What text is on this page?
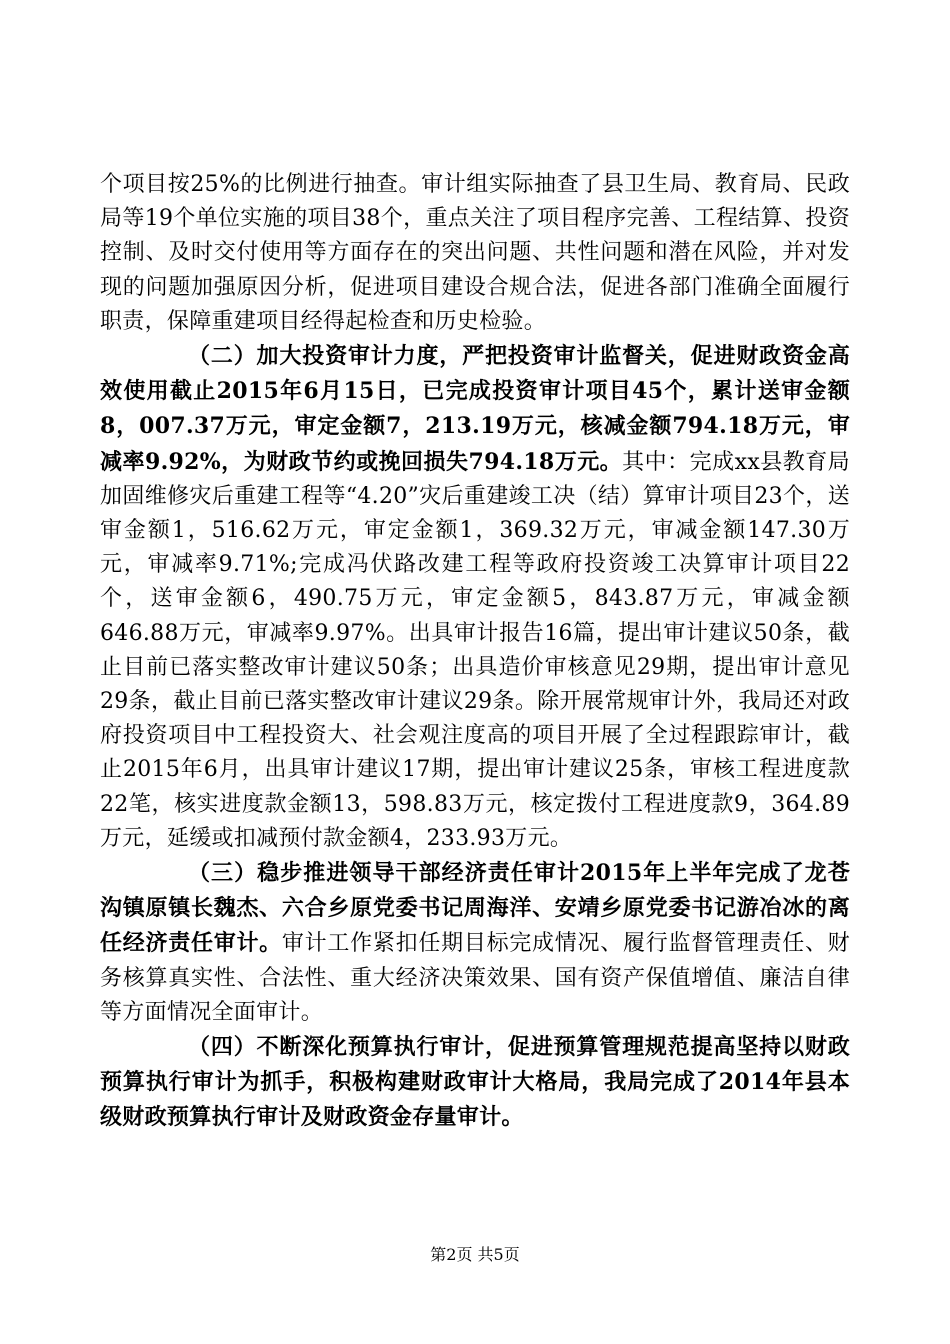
个项目按25%的比例进行抽查。审计组实际抽查了县卫生局、教育局、民政局等19个单位实施的项目38个，重点关注了项目程序完善、工程结算、投资控制、及时交付使用等方面存在的突出问题、共性问题和潜在风险，并对发现的问题加强原因分析，促进项目建设合规合法，促进各部门准确全面履行职责，保障重建项目经得起检查和历史检验。

（二）加大投资审计力度，严把投资审计监督关，促进财政资金高效使用截止2015年6月15日，已完成投资审计项目45个，累计送审金额8，007.37万元，审定金额7，213.19万元，核减金额794.18万元，审减率9.92%，为财政节约或挽回损失794.18万元。其中：完成xx县教育局加固维修灾后重建工程等“4.20”灾后重建竣工决（结）算审计项目23个，送审金额1，516.62万元，审定金额1，369.32万元，审减金额147.30万元，审减率9.71%;完成冯伏路改建工程等政府投资竣工决算审计项目22个，送审金额6，490.75万元，审定金额5，843.87万元，审减金额646.88万元，审减率9.97%。出具审计报告16篇，提出审计建议50条，截止目前已落实整改审计建议50条；出具造价审核意见29期，提出审计意见29条，截止目前已落实整改审计建议29条。除开展常规审计外，我局还对政府投资项目中工程投资大、社会观注度高的项目开展了全过程跟踪审计，截止2015年6月，出具审计建议17期，提出审计建议25条，审核工程进度款22笔，核实进度款金额13，598.83万元，核定拨付工程进度款9，364.89万元，延缓或扣减预付款金额4，233.93万元。

（三）稳步推进领导干部经济责任审计2015年上半年完成了龙苍沟镇原镇长魏杰、六合乡原党委书记周海洋、安靖乡原党委书记游冶冰的离任经济责任审计。审计工作紧扣任期目标完成情况、履行监督管理责任、财务核算真实性、合法性、重大经济决策效果、国有资产保值增值、廉洁自律等方面情况全面审计。

（四）不断深化预算执行审计，促进预算管理规范提高坚持以财政预算执行审计为抓手，积极构建财政审计大格局，我局完成了2014年县本级财政预算执行审计及财政资金存量审计。

第2页 共5页
